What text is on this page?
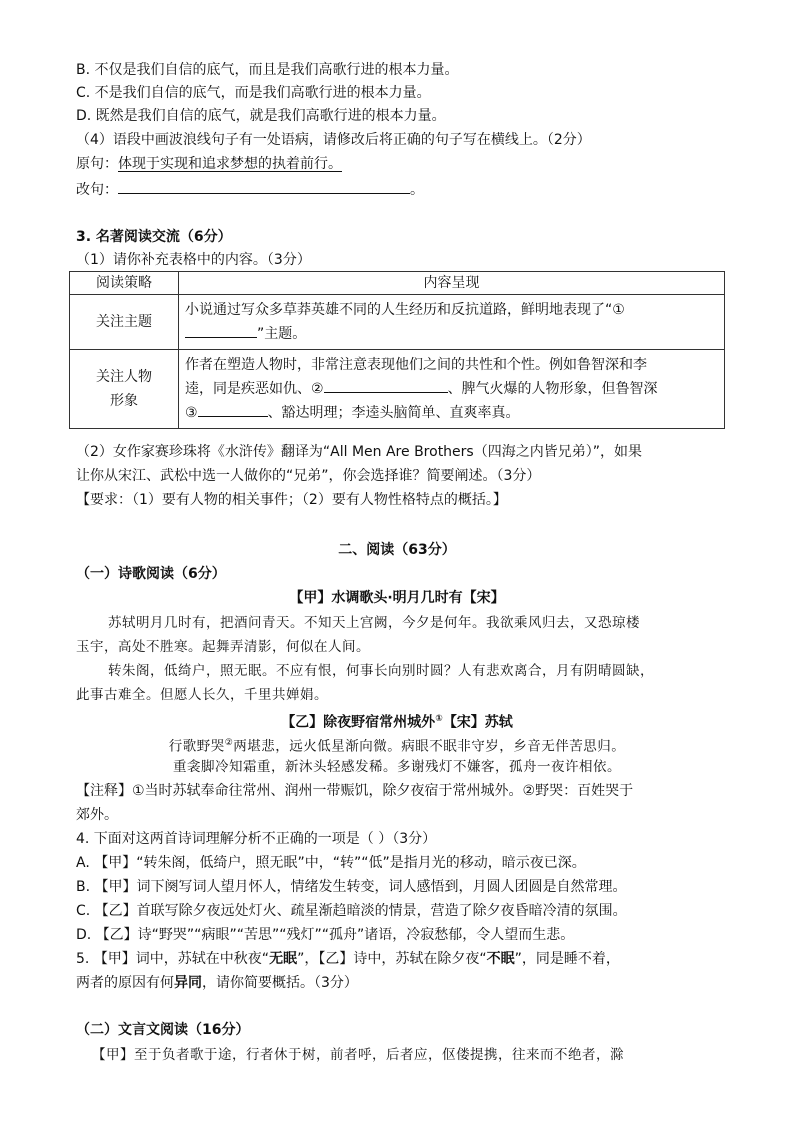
B. 不仅是我们自信的底气，而且是我们高歌行进的根本力量。
C. 不是我们自信的底气，而是我们高歌行进的根本力量。
D. 既然是我们自信的底气，就是我们高歌行进的根本力量。
（4）语段中画波浪线句子有一处语病，请修改后将正确的句子写在横线上。（2分）
原句：体现于实现和追求梦想的执着前行。
改句：	。
3. 名著阅读交流（6分）
（1）请你补充表格中的内容。（3分）
阅读策略	内容呈现
关注主题	小说通过写众多草莽英雄不同的人生经历和反抗道路，鲜明地表现了“①
”主题。
关注人物
形象	作者在塑造人物时，非常注意表现他们之间的共性和个性。例如鲁智深和李
逵，同是疾恶如仇、② 、脾气火爆的人物形象，但鲁智深
③ 、豁达明理；李逵头脑简单、直爽率真。
（2）女作家赛珍珠将《水浒传》翻译为“All Men Are Brothers（四海之内皆兄弟）”，如果
让你从宋江、武松中选一人做你的“兄弟”，你会选择谁？简要阐述。（3分）
【要求：（1）要有人物的相关事件；（2）要有人物性格特点的概括。】
二、阅读（63分）
（一）诗歌阅读（6分）
【甲】水调歌头·明月几时有【宋】
苏轼明月几时有，把酒问青天。不知天上宫阙，今夕是何年。我欲乘风归去，又恐琼楼
玉宇，高处不胜寒。起舞弄清影，何似在人间。
转朱阁，低绮户，照无眠。不应有恨，何事长向别时圆？人有悲欢离合，月有阴晴圆缺，
此事古难全。但愿人长久，千里共婵娟。
【乙】除夜野宿常州城外①【宋】苏轼
行歌野哭②两堪悲，远火低星渐向微。病眼不眠非守岁，乡音无伴苦思归。
重衾脚冷知霜重，新沐头轻感发稀。多谢残灯不嫌客，孤舟一夜许相依。
【注释】①当时苏轼奉命往常州、润州一带赈饥，除夕夜宿于常州城外。②野哭：百姓哭于
郊外。
4. 下面对这两首诗词理解分析不正确的一项是（ ）（3分）
A. 【甲】“转朱阁，低绮户，照无眠”中，“转”“低”是指月光的移动，暗示夜已深。
B. 【甲】词下阕写词人望月怀人，情绪发生转变，词人感悟到，月圆人团圆是自然常理。
C. 【乙】首联写除夕夜远处灯火、疏星渐趋暗淡的情景，营造了除夕夜昏暗冷清的氛围。
D. 【乙】诗“野哭”“病眼”“苦思”“残灯”“孤舟”诸语，冷寂愁郁，令人望而生悲。
5. 【甲】词中，苏轼在中秋夜“无眠”，【乙】诗中，苏轼在除夕夜“不眠”，同是睡不着，
两者的原因有何异同，请你简要概括。（3分）
（二）文言文阅读（16分）
【甲】至于负者歌于途，行者休于树，前者呼，后者应，伛偻提携，往来而不绝者，滁
